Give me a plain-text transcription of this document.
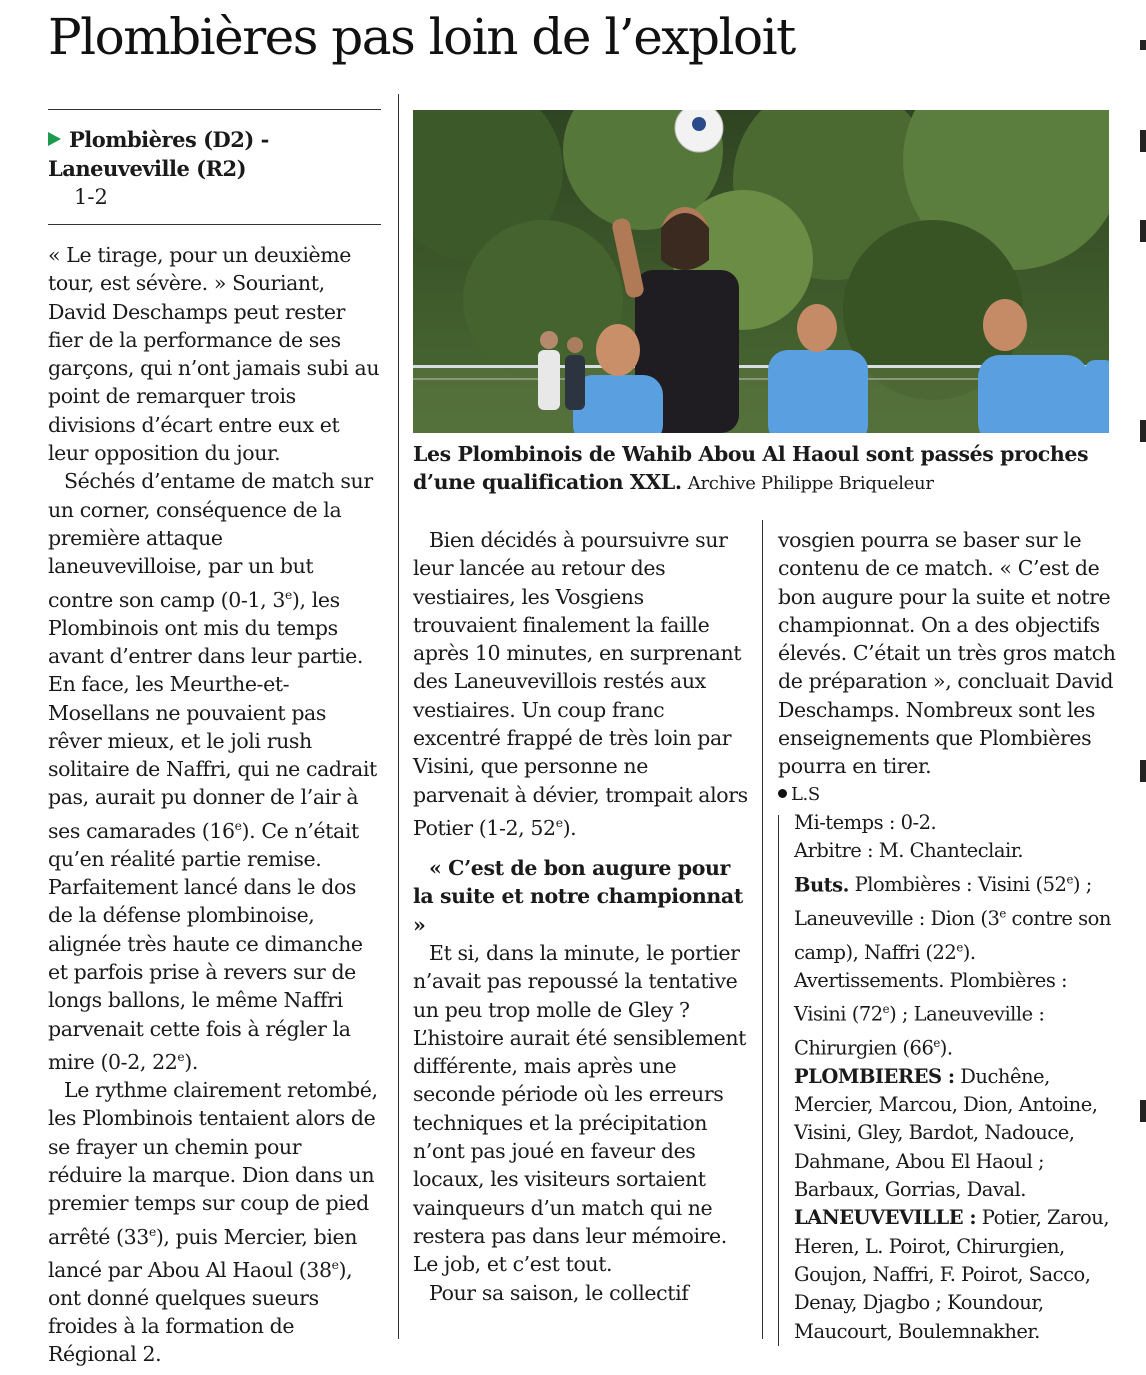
Plombières pas loin de l’exploit
Plombières (D2) -
Laneuveville (R2)
1-2

« Le tirage, pour un deuxième tour, est sévère. » Souriant, David Deschamps peut rester fier de la performance de ses garçons, qui n’ont jamais subi au point de remarquer trois divisions d’écart entre eux et leur opposition du jour.

Séchés d’entame de match sur un corner, conséquence de la première attaque laneuvevilloise, par un but contre son camp (0-1, 3e), les Plombinois ont mis du temps avant d’entrer dans leur partie. En face, les Meurthe-et-Mosellans ne pouvaient pas rêver mieux, et le joli rush solitaire de Naffri, qui ne cadrait pas, aurait pu donner de l’air à ses camarades (16e). Ce n’était qu’en réalité partie remise. Parfaitement lancé dans le dos de la défense plombinoise, alignée très haute ce dimanche et parfois prise à revers sur de longs ballons, le même Naffri parvenait cette fois à régler la mire (0-2, 22e).

Le rythme clairement retombé, les Plombinois tentaient alors de se frayer un chemin pour réduire la marque. Dion dans un premier temps sur coup de pied arrêté (33e), puis Mercier, bien lancé par Abou Al Haoul (38e), ont donné quelques sueurs froides à la formation de Régional 2.

Les Plombinois de Wahib Abou Al Haoul sont passés proches d’une qualification XXL. Archive Philippe Briqueleur

Bien décidés à poursuivre sur leur lancée au retour des vestiaires, les Vosgiens trouvaient finalement la faille après 10 minutes, en surprenant des Laneuvevillois restés aux vestiaires. Un coup franc excentré frappé de très loin par Visini, que personne ne parvenait à dévier, trompait alors Potier (1-2, 52e).

« C’est de bon augure pour la suite et notre championnat »

Et si, dans la minute, le portier n’avait pas repoussé la tentative un peu trop molle de Gley ? L’histoire aurait été sensiblement différente, mais après une seconde période où les erreurs techniques et la précipitation n’ont pas joué en faveur des locaux, les visiteurs sortaient vainqueurs d’un match qui ne restera pas dans leur mémoire. Le job, et c’est tout.

Pour sa saison, le collectif

vosgien pourra se baser sur le contenu de ce match. « C’est de bon augure pour la suite et notre championnat. On a des objectifs élevés. C’était un très gros match de préparation », concluait David Deschamps. Nombreux sont les enseignements que Plombières pourra en tirer.

L.S

Mi-temps : 0-2.

Arbitre : M. Chanteclair.

Buts. Plombières : Visini (52e) ; Laneuveville : Dion (3e contre son camp), Naffri (22e).

Avertissements. Plombières : Visini (72e) ; Laneuveville : Chirurgien (66e).

PLOMBIERES : Duchêne, Mercier, Marcou, Dion, Antoine, Visini, Gley, Bardot, Nadouce, Dahmane, Abou El Haoul ; Barbaux, Gorrias, Daval.

LANEUVEVILLE : Potier, Zarou, Heren, L. Poirot, Chirurgien, Goujon, Naffri, F. Poirot, Sacco, Denay, Djagbo ; Koundour, Maucourt, Boulemnakher.
